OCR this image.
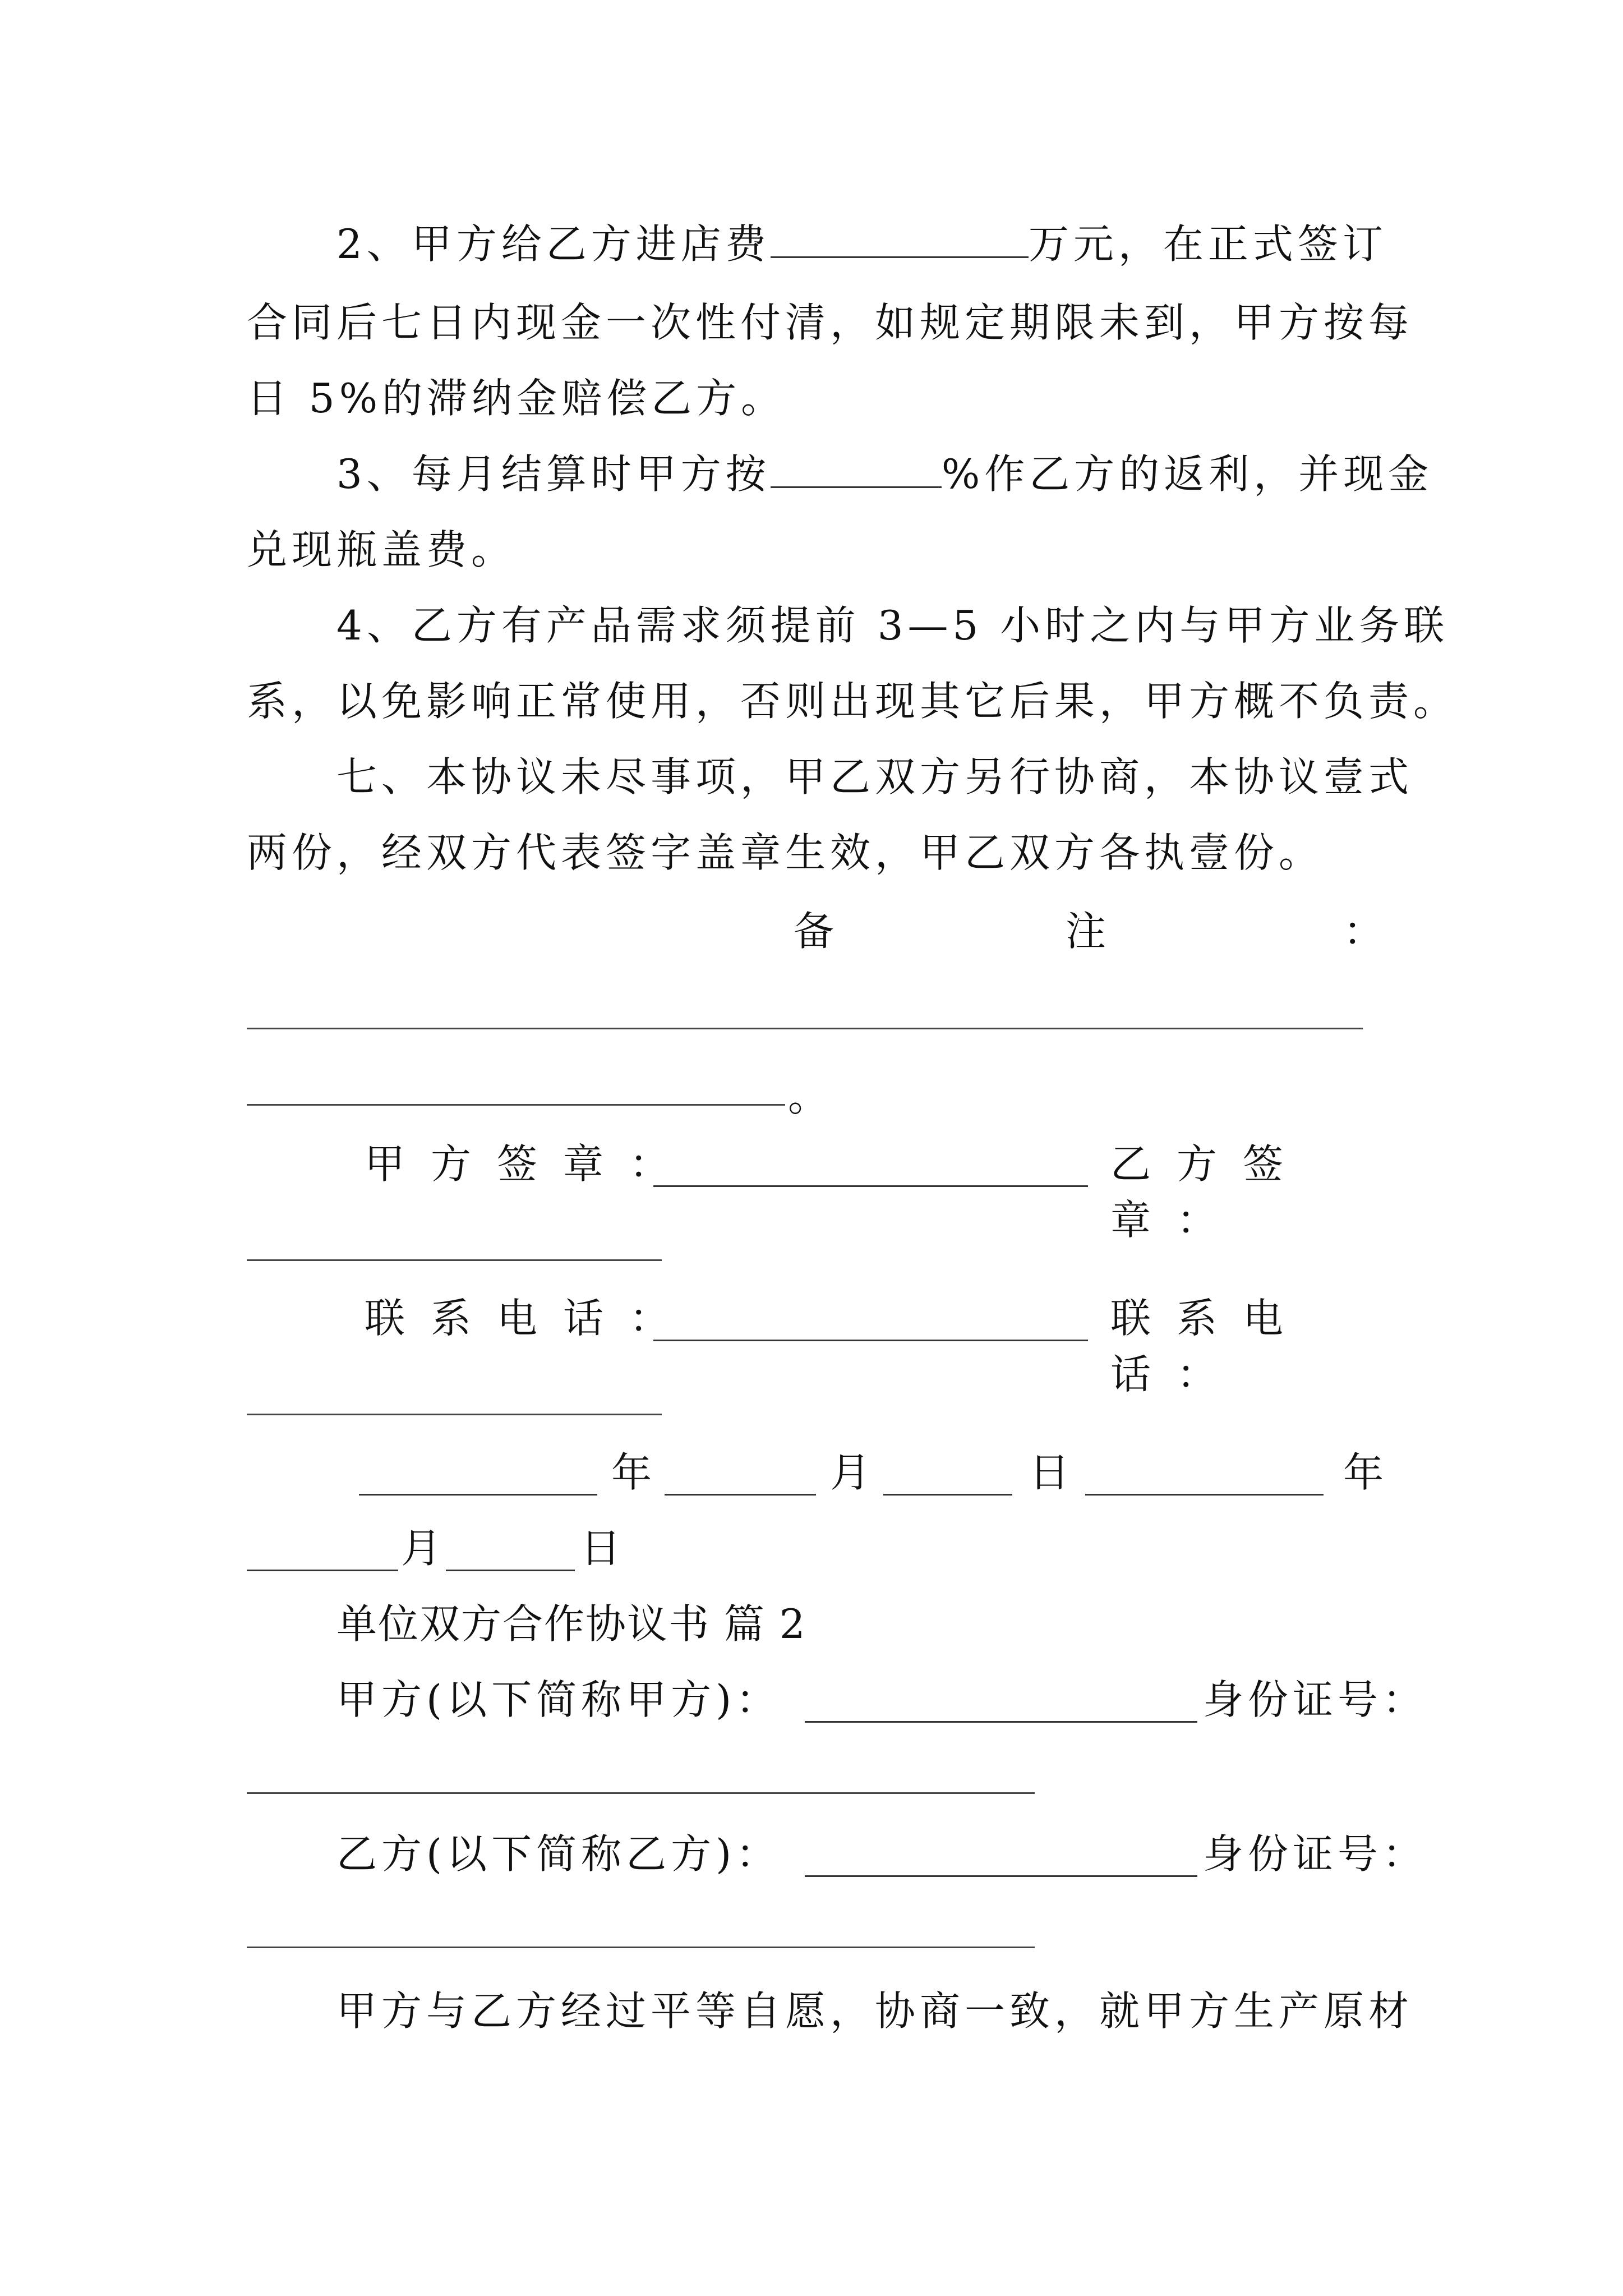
2、甲方给乙方进店费	万元，在正式签订
合同后七日内现金一次性付清，如规定期限未到，甲方按每
日 5%的滞纳金赔偿乙方。
3、每月结算时甲方按	%作乙方的返利，并现金
兑现瓶盖费。
4、乙方有产品需求须提前 3—5 小时之内与甲方业务联
系，以免影响正常使用，否则出现其它后果，甲方概不负责。
七、本协议未尽事项，甲乙双方另行协商，本协议壹式
两份，经双方代表签字盖章生效，甲乙双方各执壹份。
备	注	：
。
甲方签章：	乙方签章：
联系电话：	联系电话：
年	月	日	年
月	日
单位双方合作协议书 篇 2
甲方(以下简称甲方)：	身份证号：
乙方(以下简称乙方)：	身份证号：
甲方与乙方经过平等自愿，协商一致，就甲方生产原材
